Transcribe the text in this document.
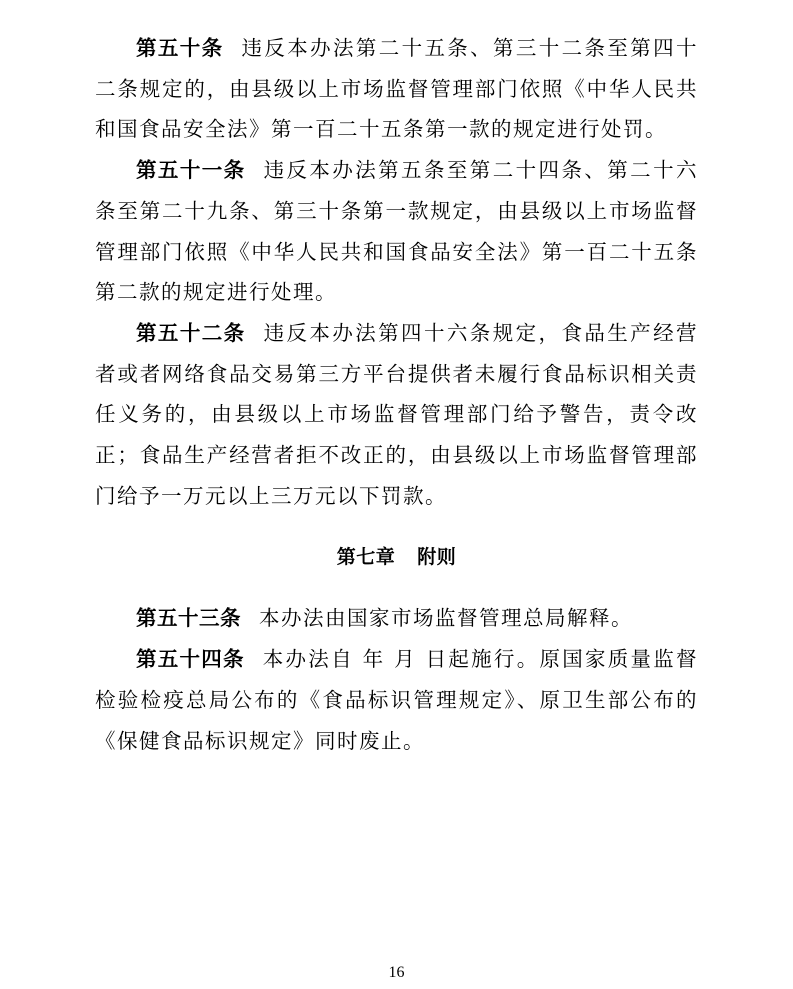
第五十条 违反本办法第二十五条、第三十二条至第四十二条规定的，由县级以上市场监督管理部门依照《中华人民共和国食品安全法》第一百二十五条第一款的规定进行处罚。

第五十一条 违反本办法第五条至第二十四条、第二十六条至第二十九条、第三十条第一款规定，由县级以上市场监督管理部门依照《中华人民共和国食品安全法》第一百二十五条第二款的规定进行处理。

第五十二条 违反本办法第四十六条规定，食品生产经营者或者网络食品交易第三方平台提供者未履行食品标识相关责任义务的，由县级以上市场监督管理部门给予警告，责令改正；食品生产经营者拒不改正的，由县级以上市场监督管理部门给予一万元以上三万元以下罚款。

第七章 附则

第五十三条 本办法由国家市场监督管理总局解释。

第五十四条 本办法自 年 月 日起施行。原国家质量监督检验检疫总局公布的《食品标识管理规定》、原卫生部公布的《保健食品标识规定》同时废止。

16
